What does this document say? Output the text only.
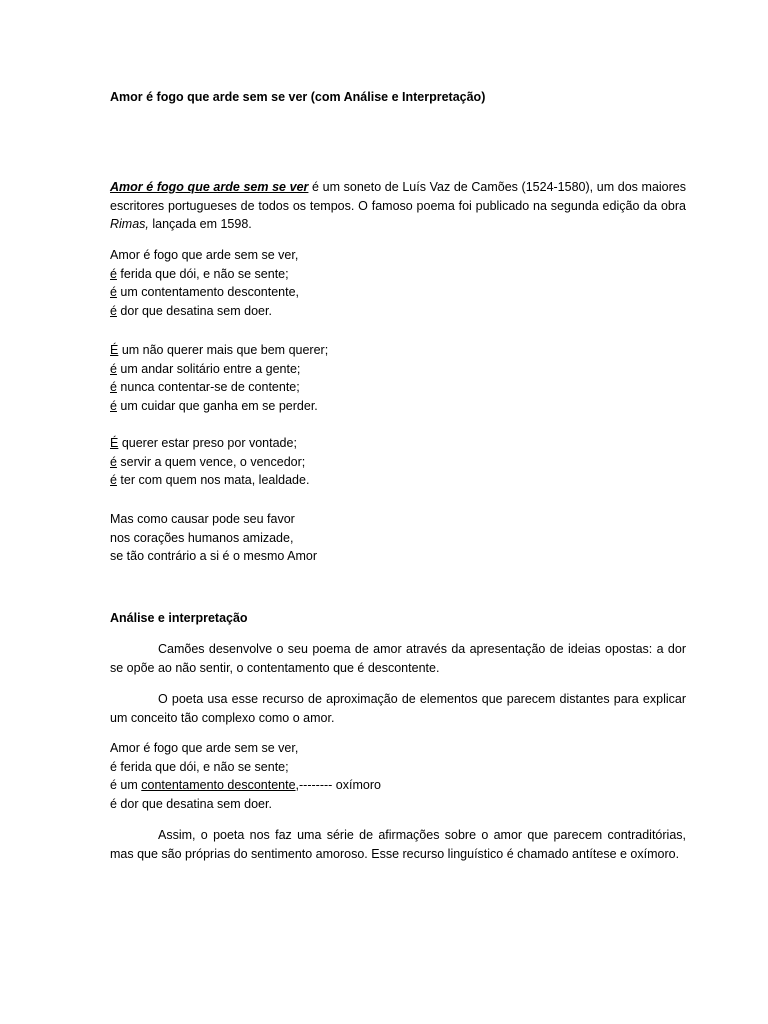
Amor é fogo que arde sem se ver (com Análise e Interpretação)

Amor é fogo que arde sem se ver é um soneto de Luís Vaz de Camões (1524-1580), um dos maiores escritores portugueses de todos os tempos. O famoso poema foi publicado na segunda edição da obra Rimas, lançada em 1598.

Amor é fogo que arde sem se ver,
é ferida que dói, e não se sente;
é um contentamento descontente,
é dor que desatina sem doer.
É um não querer mais que bem querer;
é um andar solitário entre a gente;
é nunca contentar-se de contente;
é um cuidar que ganha em se perder.
É querer estar preso por vontade;
é servir a quem vence, o vencedor;
é ter com quem nos mata, lealdade.
Mas como causar pode seu favor
nos corações humanos amizade,
se tão contrário a si é o mesmo Amor
Análise e interpretação

Camões desenvolve o seu poema de amor através da apresentação de ideias opostas: a dor se opõe ao não sentir, o contentamento que é descontente.

O poeta usa esse recurso de aproximação de elementos que parecem distantes para explicar um conceito tão complexo como o amor.

Amor é fogo que arde sem se ver,
é ferida que dói, e não se sente;
é um contentamento descontente,-------- oxímoro
é dor que desatina sem doer.

Assim, o poeta nos faz uma série de afirmações sobre o amor que parecem contraditórias, mas que são próprias do sentimento amoroso. Esse recurso linguístico é chamado antítese e oxímoro.
